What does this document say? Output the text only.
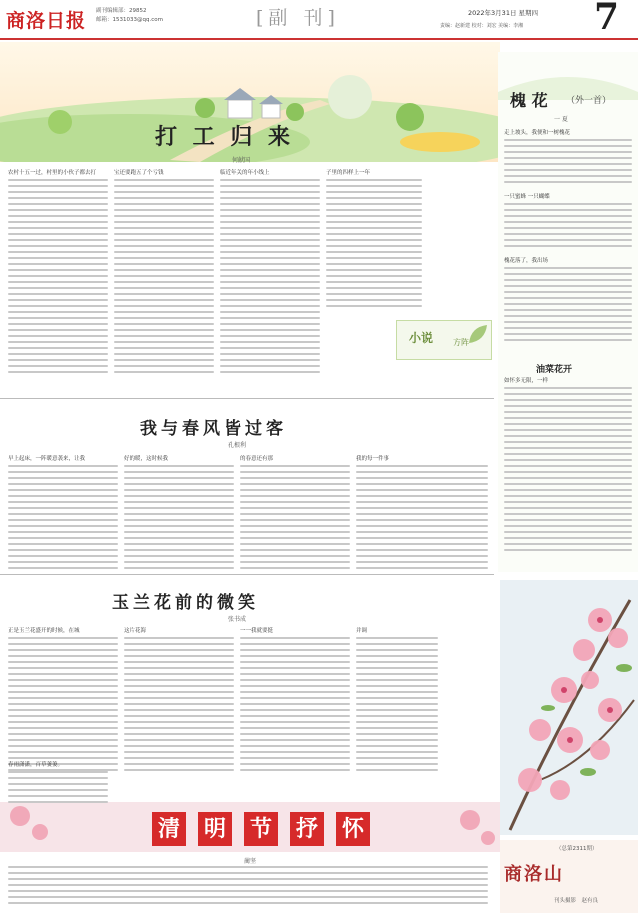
商洛日报 副刊编辑部：29852
邮箱：1531033@qq.com	[副 刊]	2022年3月31日 星期四
责编：赵新建 校对：刘宏 美编：李湘 7
打 工 归 来
何献国
农村十五一过，村里的小伙子都去打	宝还要跑五了个亏钱	临近年关的年小线上	子里的四样上一年
小说 方阵
槐 花 （外一首）
一 夏
走上坡头，我便和一树槐花
一只蜜蜂 一只蝴蝶
槐花落了，我出场
油菜花开
如怀多无限，一样
我与春风皆过客
孔根利
早上起床，一阵暖意袭来，让我	好的暖，这时候我	的春意还有那	我的每一件事
玉兰花前的微笑
张书成
正是玉兰花盛开的时候，在城	这片花海	一一我就要挺	并调
清 明 节 抒 怀
蔺坚
春雨潇潇，百草萋萋。
（总第2311期）
商洛山
刊头摄影　赵有良
